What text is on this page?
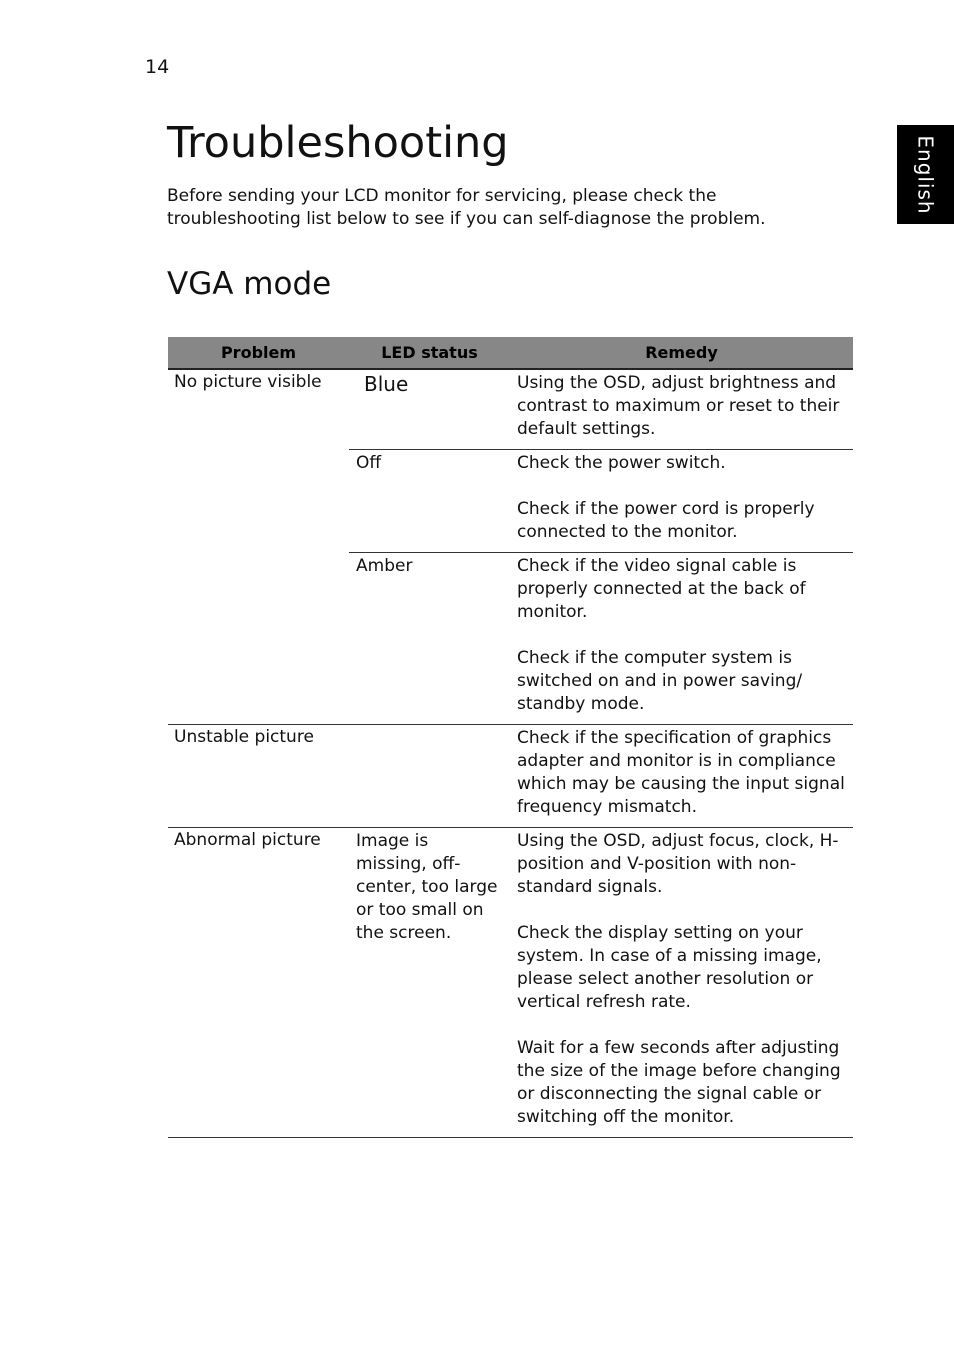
14
English
Troubleshooting

Before sending your LCD monitor for servicing, please check the troubleshooting list below to see if you can self-diagnose the problem.

VGA mode
Problem	LED status	Remedy
No picture visible	Blue	Using the OSD, adjust brightness and contrast to maximum or reset to their default settings.

	Off	Check the power switch.
Check if the power cord is properly connected to the monitor.

	Amber	Check if the video signal cable is properly connected at the back of monitor.
Check if the computer system is switched on and in power saving/ standby mode.

Unstable picture		Check if the specification of graphics adapter and monitor is in compliance which may be causing the input signal frequency mismatch.

Abnormal picture	Image is missing, off-center, too large or too small on the screen.	Using the OSD, adjust focus, clock, H-position and V-position with non-standard signals.
Check the display setting on your system. In case of a missing image, please select another resolution or vertical refresh rate.
Wait for a few seconds after adjusting the size of the image before changing or disconnecting the signal cable or switching off the monitor.
